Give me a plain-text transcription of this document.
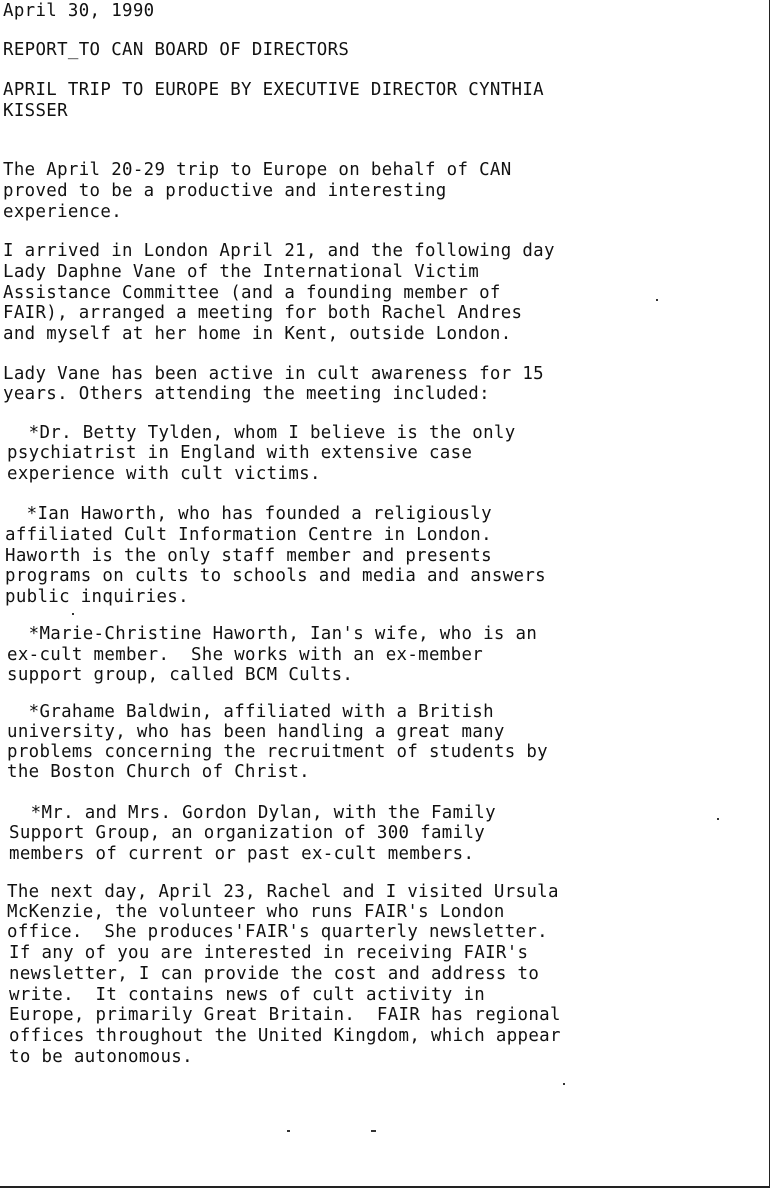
April 30, 1990
REPORT_TO CAN BOARD OF DIRECTORS
APRIL TRIP TO EUROPE BY EXECUTIVE DIRECTOR CYNTHIA
KISSER
The April 20-29 trip to Europe on behalf of CAN
proved to be a productive and interesting
experience.
I arrived in London April 21, and the following day
Lady Daphne Vane of the International Victim
Assistance Committee (and a founding member of
FAIR), arranged a meeting for both Rachel Andres
and myself at her home in Kent, outside London.
Lady Vane has been active in cult awareness for 15
years. Others attending the meeting included:
*Dr. Betty Tylden, whom I believe is the only
psychiatrist in England with extensive case
experience with cult victims.
*Ian Haworth, who has founded a religiously
affiliated Cult Information Centre in London.
Haworth is the only staff member and presents
programs on cults to schools and media and answers
public inquiries.
*Marie-Christine Haworth, Ian's wife, who is an
ex-cult member.  She works with an ex-member
support group, called BCM Cults.
*Grahame Baldwin, affiliated with a British
university, who has been handling a great many
problems concerning the recruitment of students by
the Boston Church of Christ.
*Mr. and Mrs. Gordon Dylan, with the Family
Support Group, an organization of 300 family
members of current or past ex-cult members.
The next day, April 23, Rachel and I visited Ursula
McKenzie, the volunteer who runs FAIR's London
office.  She produces'FAIR's quarterly newsletter.
If any of you are interested in receiving FAIR's
newsletter, I can provide the cost and address to
write.  It contains news of cult activity in
Europe, primarily Great Britain.  FAIR has regional
offices throughout the United Kingdom, which appear
to be autonomous.
